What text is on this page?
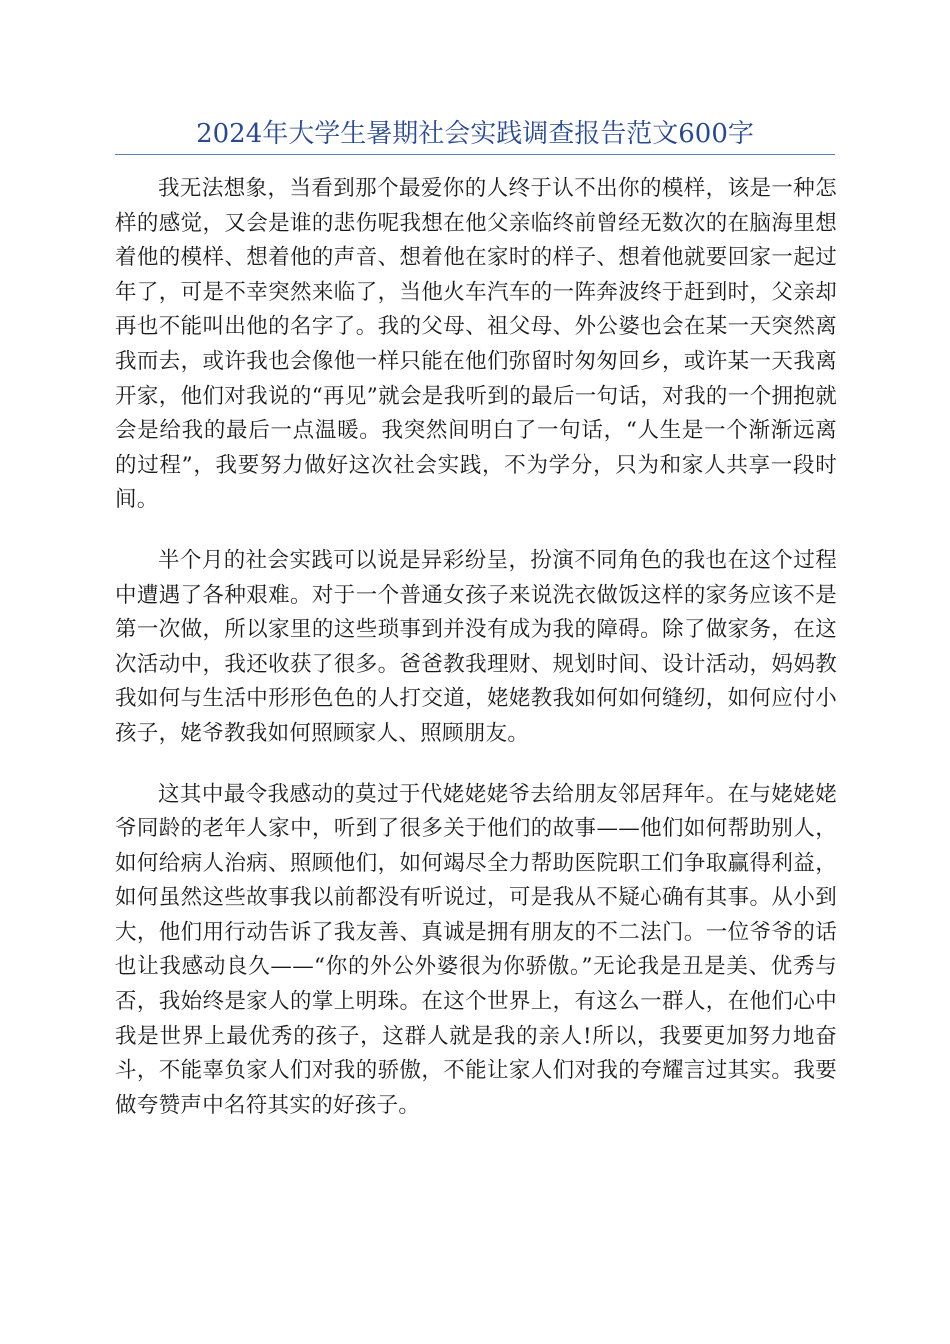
2024年大学生暑期社会实践调查报告范文600字

我无法想象，当看到那个最爱你的人终于认不出你的模样，该是一种怎样的感觉，又会是谁的悲伤呢我想在他父亲临终前曾经无数次的在脑海里想着他的模样、想着他的声音、想着他在家时的样子、想着他就要回家一起过年了，可是不幸突然来临了，当他火车汽车的一阵奔波终于赶到时，父亲却再也不能叫出他的名字了。我的父母、祖父母、外公婆也会在某一天突然离我而去，或许我也会像他一样只能在他们弥留时匆匆回乡，或许某一天我离开家，他们对我说的“再见”就会是我听到的最后一句话，对我的一个拥抱就会是给我的最后一点温暖。我突然间明白了一句话，“人生是一个渐渐远离的过程”，我要努力做好这次社会实践，不为学分，只为和家人共享一段时间。

半个月的社会实践可以说是异彩纷呈，扮演不同角色的我也在这个过程中遭遇了各种艰难。对于一个普通女孩子来说洗衣做饭这样的家务应该不是第一次做，所以家里的这些琐事到并没有成为我的障碍。除了做家务，在这次活动中，我还收获了很多。爸爸教我理财、规划时间、设计活动，妈妈教我如何与生活中形形色色的人打交道，姥姥教我如何如何缝纫，如何应付小孩子，姥爷教我如何照顾家人、照顾朋友。

这其中最令我感动的莫过于代姥姥姥爷去给朋友邻居拜年。在与姥姥姥爷同龄的老年人家中，听到了很多关于他们的故事——他们如何帮助别人，如何给病人治病、照顾他们，如何竭尽全力帮助医院职工们争取赢得利益，如何虽然这些故事我以前都没有听说过，可是我从不疑心确有其事。从小到大，他们用行动告诉了我友善、真诚是拥有朋友的不二法门。一位爷爷的话也让我感动良久——“你的外公外婆很为你骄傲。”无论我是丑是美、优秀与否，我始终是家人的掌上明珠。在这个世界上，有这么一群人，在他们心中我是世界上最优秀的孩子，这群人就是我的亲人!所以，我要更加努力地奋斗，不能辜负家人们对我的骄傲，不能让家人们对我的夸耀言过其实。我要做夸赞声中名符其实的好孩子。
